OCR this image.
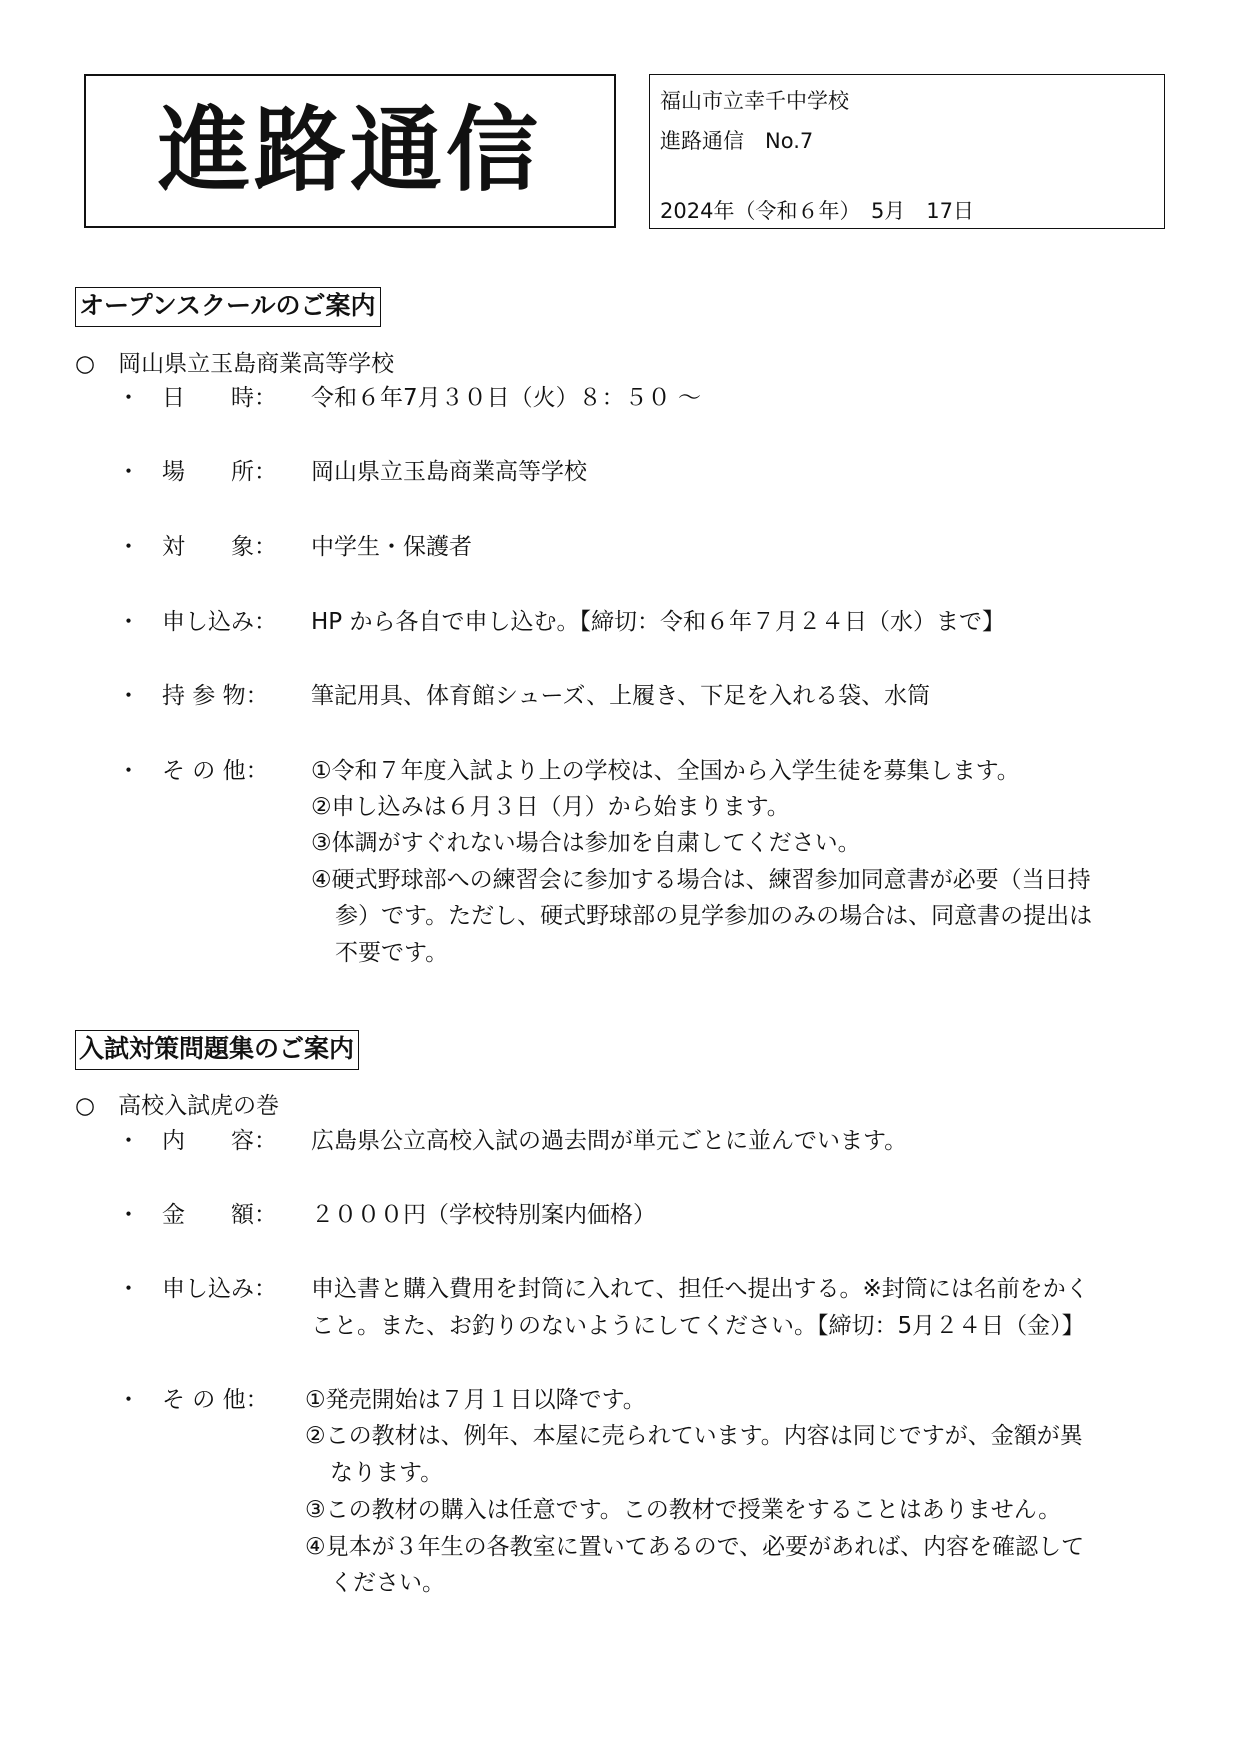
進路通信	福山市立幸千中学校
進路通信　No.7
2024年（令和６年）　5月　17日
オープンスクールのご案内
○　岡山県立玉島商業高等学校
・ 日　　時： 令和６年7月３０日（火）８：５０ ～
・ 場　　所： 岡山県立玉島商業高等学校
・ 対　　象： 中学生・保護者
・ 申し込み： HP から各自で申し込む。【締切：令和６年７月２４日（水）まで】
・ 持 参 物： 筆記用具、体育館シューズ、上履き、下足を入れる袋、水筒
・ そ の 他： ①令和７年度入試より上の学校は、全国から入学生徒を募集します。
②申し込みは６月３日（月）から始まります。
③体調がすぐれない場合は参加を自粛してください。
④硬式野球部への練習会に参加する場合は、練習参加同意書が必要（当日持
参）です。ただし、硬式野球部の見学参加のみの場合は、同意書の提出は
不要です。
入試対策問題集のご案内
○　高校入試虎の巻
・ 内　　容： 広島県公立高校入試の過去問が単元ごとに並んでいます。
・ 金　　額： ２０００円（学校特別案内価格）
・ 申し込み： 申込書と購入費用を封筒に入れて、担任へ提出する。※封筒には名前をかく
こと。また、お釣りのないようにしてください。【締切：5月２４日（金）】
・ そ の 他： ①発売開始は７月１日以降です。
②この教材は、例年、本屋に売られています。内容は同じですが、金額が異
なります。
③この教材の購入は任意です。この教材で授業をすることはありません。
④見本が３年生の各教室に置いてあるので、必要があれば、内容を確認して
ください。
